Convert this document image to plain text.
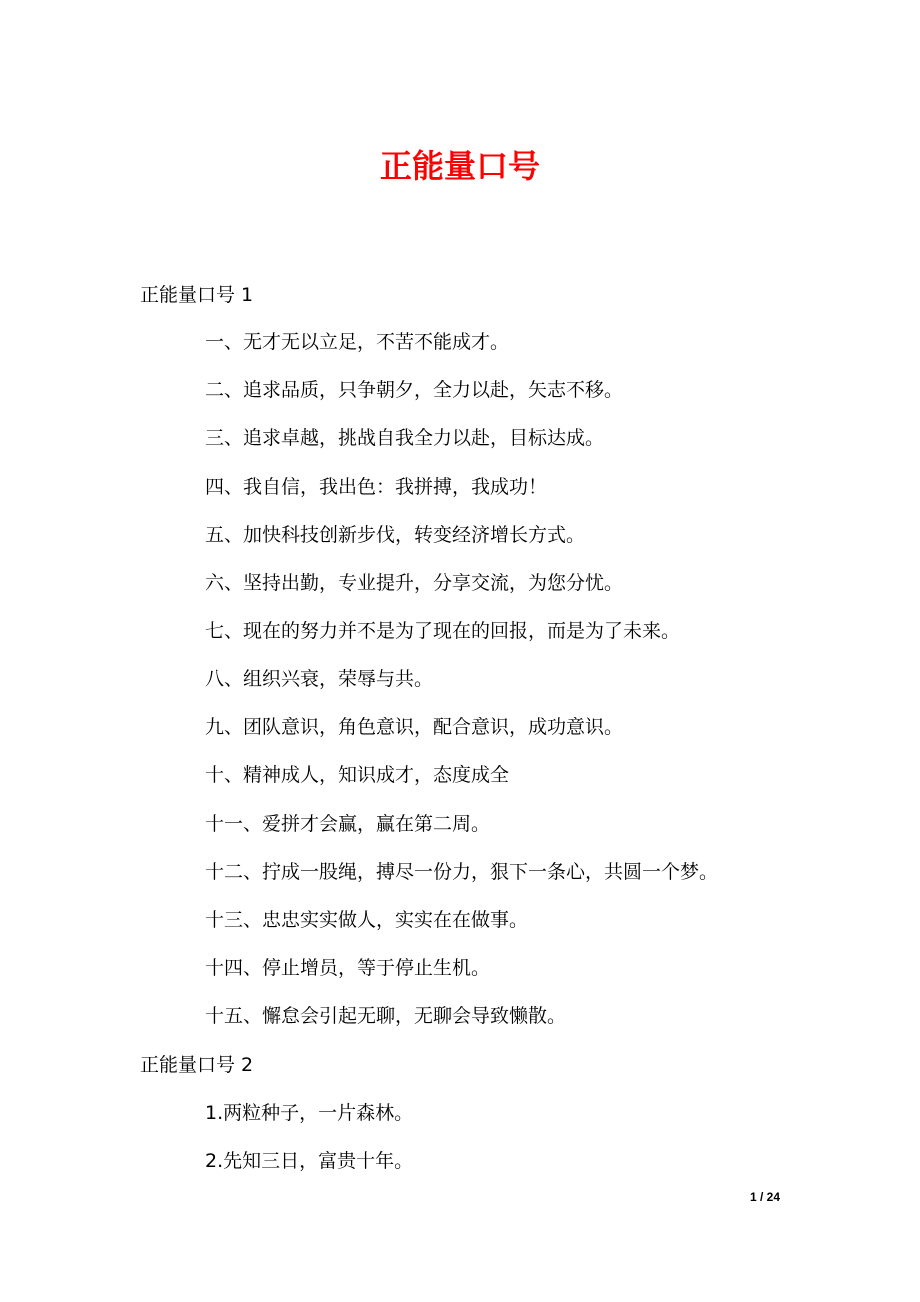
正能量口号

正能量口号 1

一、无才无以立足，不苦不能成才。

二、追求品质，只争朝夕，全力以赴，矢志不移。

三、追求卓越，挑战自我全力以赴，目标达成。

四、我自信，我出色：我拼搏，我成功！

五、加快科技创新步伐，转变经济增长方式。

六、坚持出勤，专业提升，分享交流，为您分忧。

七、现在的努力并不是为了现在的回报，而是为了未来。

八、组织兴衰，荣辱与共。

九、团队意识，角色意识，配合意识，成功意识。

十、精神成人，知识成才，态度成全

十一、爱拼才会赢，赢在第二周。

十二、拧成一股绳，搏尽一份力，狠下一条心，共圆一个梦。

十三、忠忠实实做人，实实在在做事。

十四、停止增员，等于停止生机。

十五、懈怠会引起无聊，无聊会导致懒散。

正能量口号 2

1.两粒种子，一片森林。

2.先知三日，富贵十年。

1 / 24
